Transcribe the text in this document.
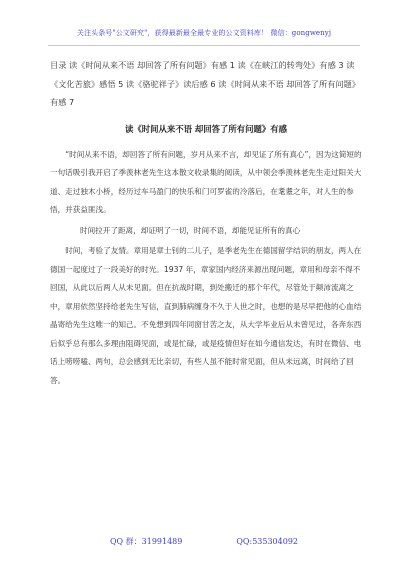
关注头条号"公文研究"，获得最新最全最专业的公文资料库！ 微信：gongwenyj

目录 读《时间从来不语 却回答了所有问题》有感 1 读《在峡江的转弯处》有感 3 读《文化苦旅》感悟 5 读《骆驼祥子》读后感 6 读《时间从来不语 却回答了所有问题》有感 7

读《时间从来不语 却回答了所有问题》有感

“时间从来不语，却回答了所有问题，岁月从来不言，却见证了所有真心”，因为这简短的一句话吸引我开启了季羡林老先生这本散文收录集的阅读，从中领会季羡林老先生走过阳关大道、走过独木小桥，经历过车马盈门的快乐和门可罗雀的冷落后，在耄耋之年，对人生的参悟，并获益匪浅。

时间拉开了距离，却证明了一切，时间不语，却能见证所有的真心

时间，考验了友情。章用是章士钊的二儿子，是季老先生在德国留学结识的朋友，两人在德国一起度过了一段美好的时光。1937 年，章家国内经济来源出现问题，章用和母亲不得不回国，从此以后两人从未见面。但在抗战时期，到处搬迁的那个年代，尽管处于颠沛流离之中，章用依然坚持给老先生写信，直到肺病缠身不久于人世之时，也想的是尽早把他的心血结晶寄给先生这唯一的知己。不免想到四年同窗甘苦之友，从大学毕业后从未曾见过，各奔东西后似乎总有那么多理由阻碍见面，或是忙碌，或是疫情但好在如今通信发达，有时在微信、电话上唠唠嗑、两句，总会感到无比亲切，有些人虽不能时常见面，但从未远离，时间给了回答。

QQ 群：31991489	QQ:535304092
